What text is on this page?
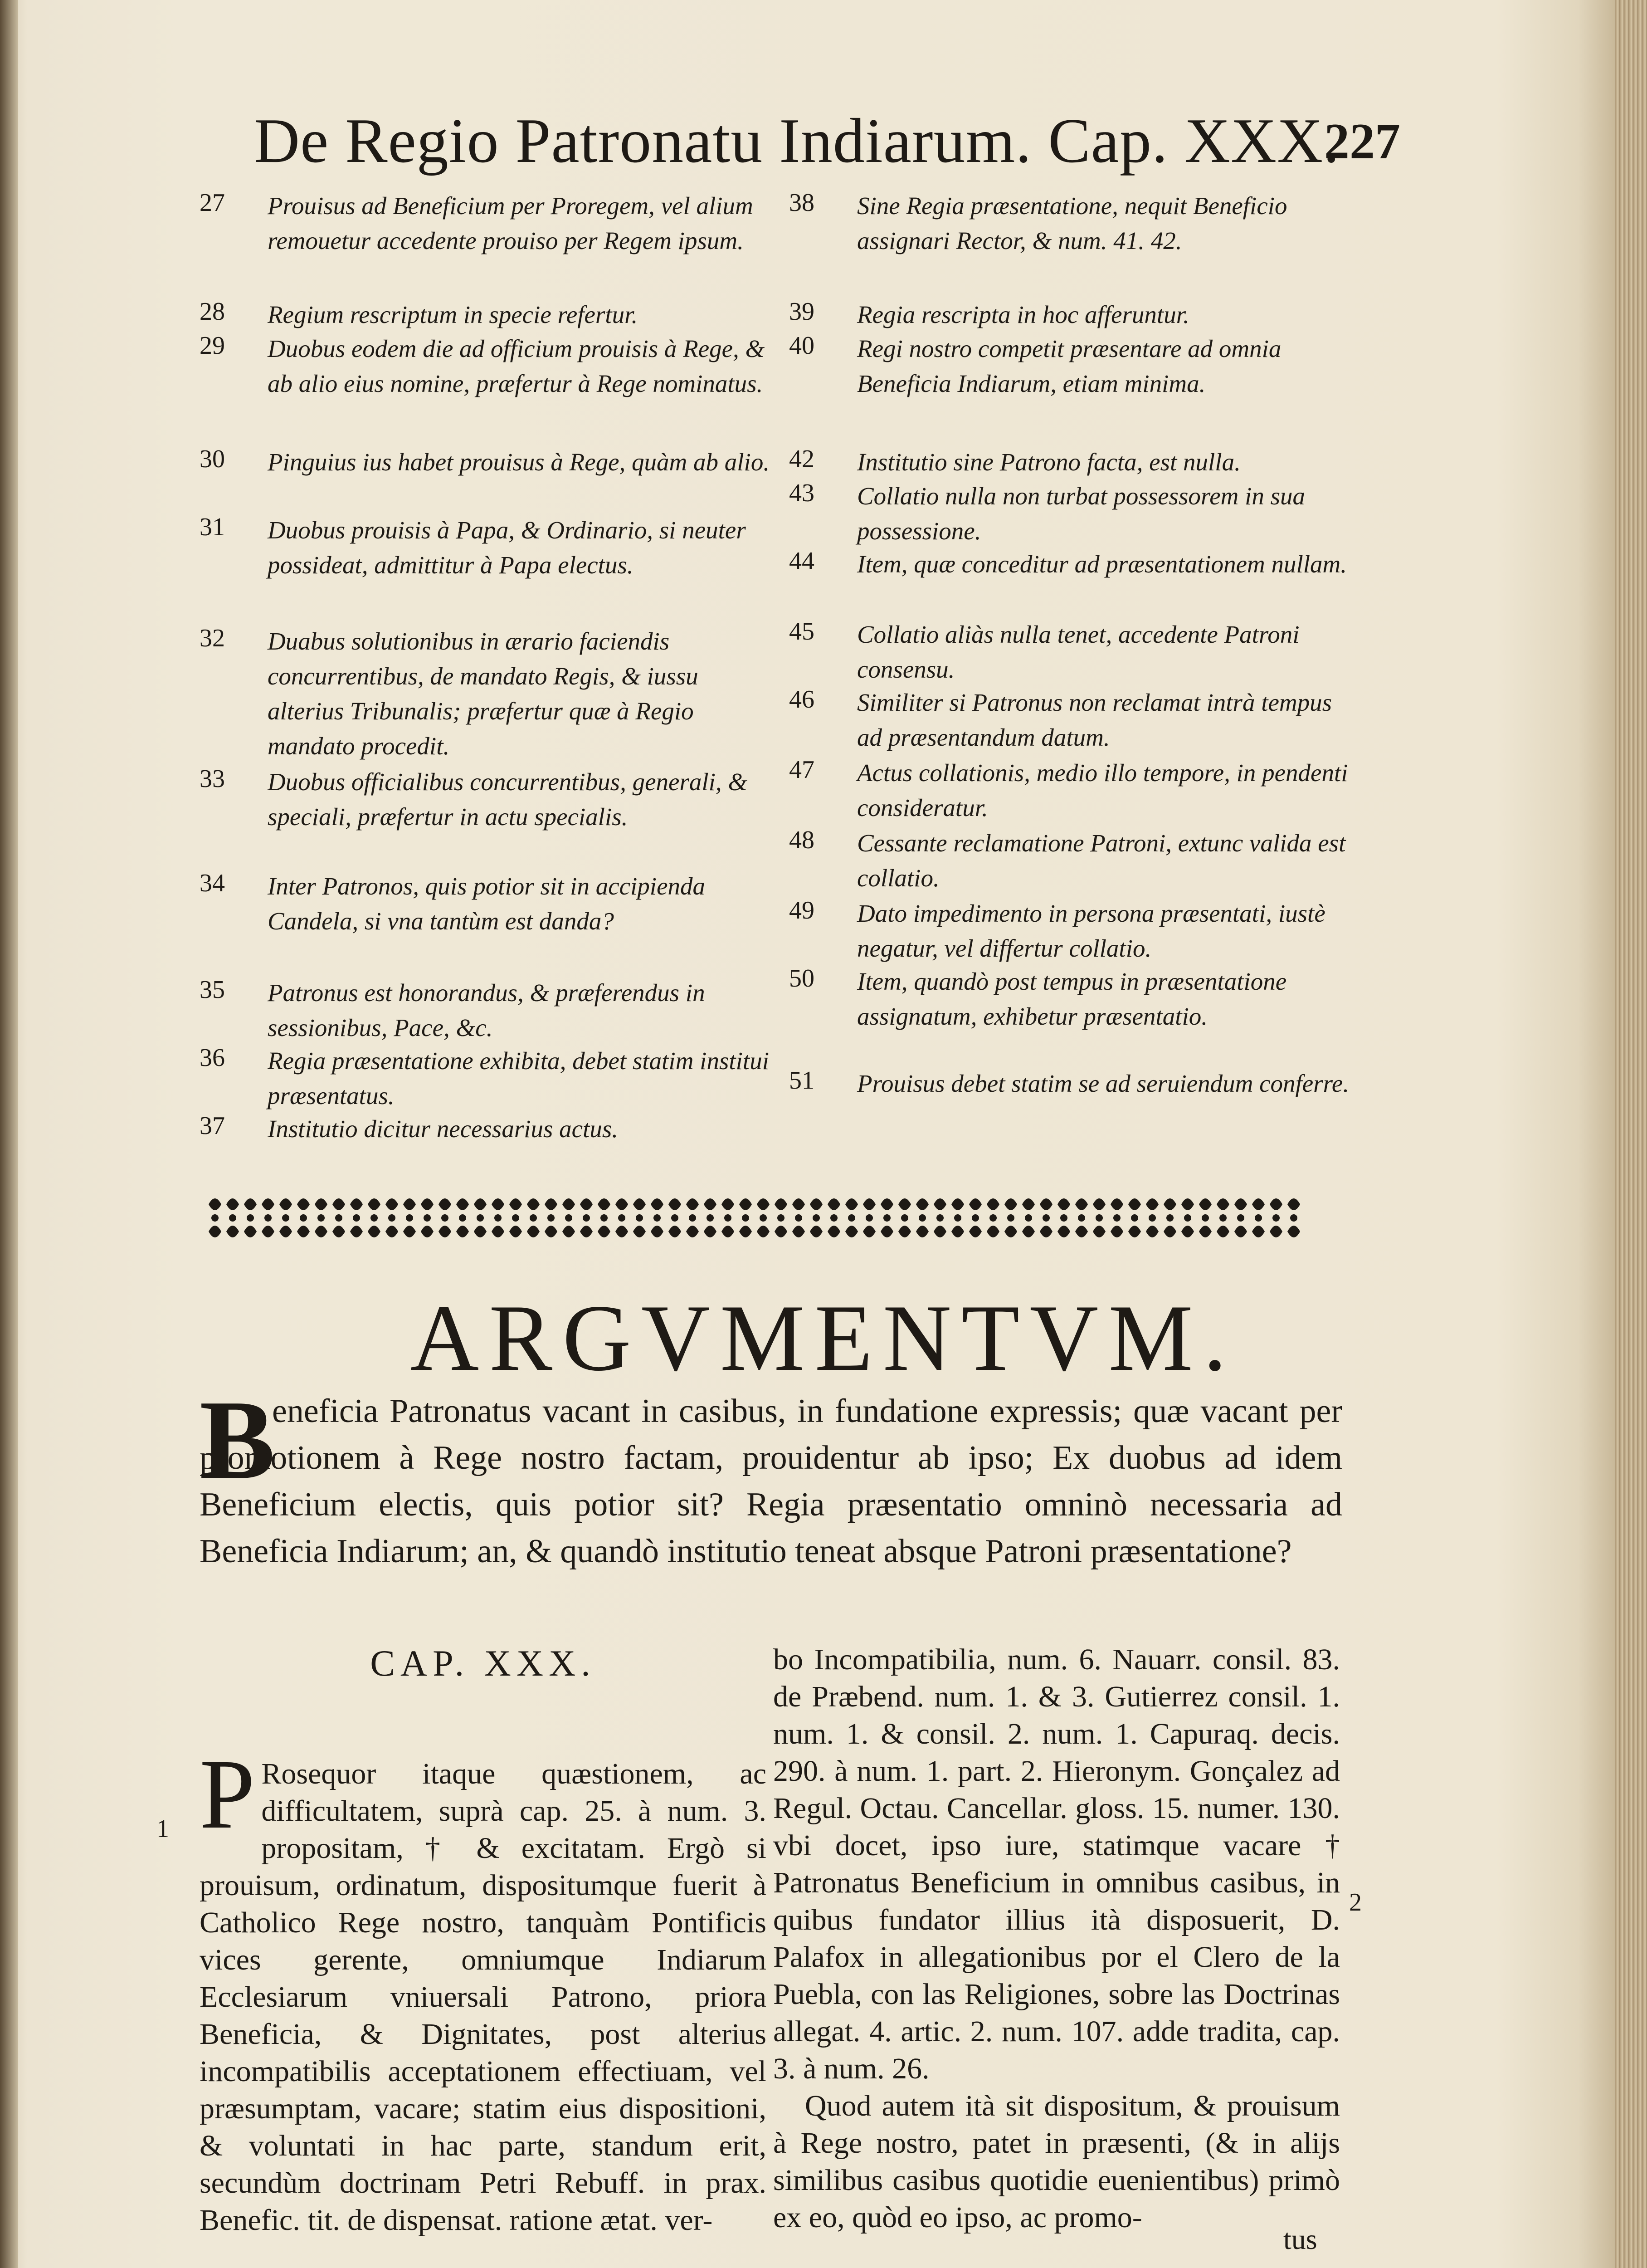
De Regio Patronatu Indiarum. Cap. XXX.
227
27	Prouisus ad Beneficium per Proregem, vel alium remouetur accedente prouiso per Regem ipsum.
28	Regium rescriptum in specie refertur.
29	Duobus eodem die ad officium prouisis à Rege, & ab alio eius nomine, præfertur à Rege nominatus.
30	Pinguius ius habet prouisus à Rege, quàm ab alio.
31	Duobus prouisis à Papa, & Ordinario, si neuter possideat, admittitur à Papa electus.
32	Duabus solutionibus in ærario faciendis concurrentibus, de mandato Regis, & iussu alterius Tribunalis; præfertur quæ à Regio mandato procedit.
33	Duobus officialibus concurrentibus, generali, & speciali, præfertur in actu specialis.
34	Inter Patronos, quis potior sit in accipienda Candela, si vna tantùm est danda?
35	Patronus est honorandus, & præferendus in sessionibus, Pace, &c.
36	Regia præsentatione exhibita, debet statim institui præsentatus.
37	Institutio dicitur necessarius actus.
38	Sine Regia præsentatione, nequit Beneficio assignari Rector, & num. 41. 42.
39	Regia rescripta in hoc afferuntur.
40	Regi nostro competit præsentare ad omnia Beneficia Indiarum, etiam minima.
42	Institutio sine Patrono facta, est nulla.
43	Collatio nulla non turbat possessorem in sua possessione.
44	Item, quæ conceditur ad præsentationem nullam.
45	Collatio aliàs nulla tenet, accedente Patroni consensu.
46	Similiter si Patronus non reclamat intrà tempus ad præsentandum datum.
47	Actus collationis, medio illo tempore, in pendenti consideratur.
48	Cessante reclamatione Patroni, extunc valida est collatio.
49	Dato impedimento in persona præsentati, iustè negatur, vel differtur collatio.
50	Item, quandò post tempus in præsentatione assignatum, exhibetur præsentatio.
51	Prouisus debet statim se ad seruiendum conferre.
ARGVMENTVM.
B
eneficia Patronatus vacant in casibus, in fundatione expressis; quæ vacant per promotionem à Rege nostro factam, prouidentur ab ipso; Ex duobus ad idem Beneficium electis, quis potior sit? Regia præsentatio omninò necessaria ad Beneficia Indiarum; an, & quandò institutio teneat absque Patroni præsentatione?
CAP. XXX.
1
2
P Rosequor itaque quæstionem, ac difficultatem, suprà cap. 25. à num. 3. propositam, † & excitatam. Ergò si prouisum, ordinatum, dispositumque fuerit à Catholico Rege nostro, tanquàm Pontificis vices gerente, omniumque Indiarum Ecclesiarum vniuersali Patrono, priora Beneficia, & Dignitates, post alterius incompatibilis acceptationem effectiuam, vel præsumptam, vacare; statim eius dispositioni, & voluntati in hac parte, standum erit, secundùm doctrinam Petri Rebuff. in prax. Benefic. tit. de dispensat. ratione ætat. ver-

bo Incompatibilia, num. 6. Nauarr. consil. 83. de Præbend. num. 1. & 3. Gutierrez consil. 1. num. 1. & consil. 2. num. 1. Capuraq. decis. 290. à num. 1. part. 2. Hieronym. Gonçalez ad Regul. Octau. Cancellar. gloss. 15. numer. 130. vbi docet, ipso iure, statimque vacare † Patronatus Beneficium in omnibus casibus, in quibus fundator illius ità disposuerit, D. Palafox in allegationibus por el Clero de la Puebla, con las Religiones, sobre las Doctrinas allegat. 4. artic. 2. num. 107. adde tradita, cap. 3. à num. 26.

Quod autem ità sit dispositum, & prouisum à Rege nostro, patet in præsenti, (& in alijs similibus casibus quotidie euenientibus) primò ex eo, quòd eo ipso, ac promo-

tus
